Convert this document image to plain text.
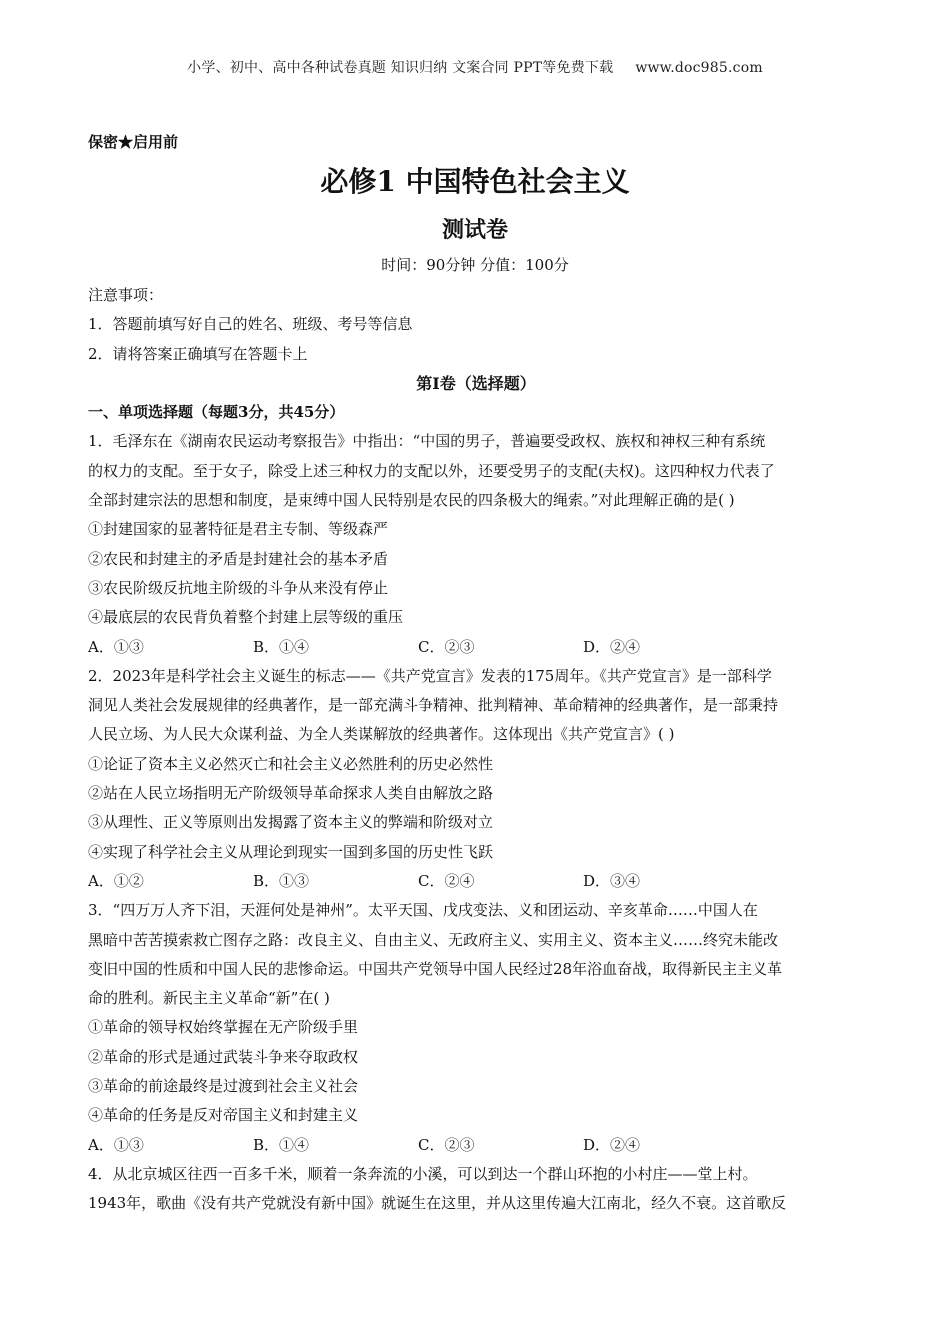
小学、初中、高中各种试卷真题 知识归纳 文案合同 PPT等免费下载 www.doc985.com
保密★启用前
必修1 中国特色社会主义
测试卷
时间：90分钟 分值：100分

注意事项：

1．答题前填写好自己的姓名、班级、考号等信息

2．请将答案正确填写在答题卡上

第I卷（选择题）

一、单项选择题（每题3分，共45分）

1．毛泽东在《湖南农民运动考察报告》中指出：“中国的男子，普遍要受政权、族权和神权三种有系统

的权力的支配。至于女子，除受上述三种权力的支配以外，还要受男子的支配(夫权)。这四种权力代表了

全部封建宗法的思想和制度，是束缚中国人民特别是农民的四条极大的绳索。”对此理解正确的是( )

①封建国家的显著特征是君主专制、等级森严

②农民和封建主的矛盾是封建社会的基本矛盾

③农民阶级反抗地主阶级的斗争从来没有停止

④最底层的农民背负着整个封建上层等级的重压

A．①③	B．①④	C．②③	D．②④

2．2023年是科学社会主义诞生的标志——《共产党宣言》发表的175周年。《共产党宣言》是一部科学

洞见人类社会发展规律的经典著作，是一部充满斗争精神、批判精神、革命精神的经典著作，是一部秉持

人民立场、为人民大众谋利益、为全人类谋解放的经典著作。这体现出《共产党宣言》( )

①论证了资本主义必然灭亡和社会主义必然胜利的历史必然性

②站在人民立场指明无产阶级领导革命探求人类自由解放之路

③从理性、正义等原则出发揭露了资本主义的弊端和阶级对立

④实现了科学社会主义从理论到现实一国到多国的历史性飞跃

A．①②	B．①③	C．②④	D．③④

3．“四万万人齐下泪，天涯何处是神州”。太平天国、戊戌变法、义和团运动、辛亥革命……中国人在

黑暗中苦苦摸索救亡图存之路：改良主义、自由主义、无政府主义、实用主义、资本主义……终究未能改

变旧中国的性质和中国人民的悲惨命运。中国共产党领导中国人民经过28年浴血奋战，取得新民主主义革

命的胜利。新民主主义革命“新”在( )

①革命的领导权始终掌握在无产阶级手里

②革命的形式是通过武装斗争来夺取政权

③革命的前途最终是过渡到社会主义社会

④革命的任务是反对帝国主义和封建主义

A．①③	B．①④	C．②③	D．②④

4．从北京城区往西一百多千米，顺着一条奔流的小溪，可以到达一个群山环抱的小村庄——堂上村。

1943年，歌曲《没有共产党就没有新中国》就诞生在这里，并从这里传遍大江南北，经久不衰。这首歌反
